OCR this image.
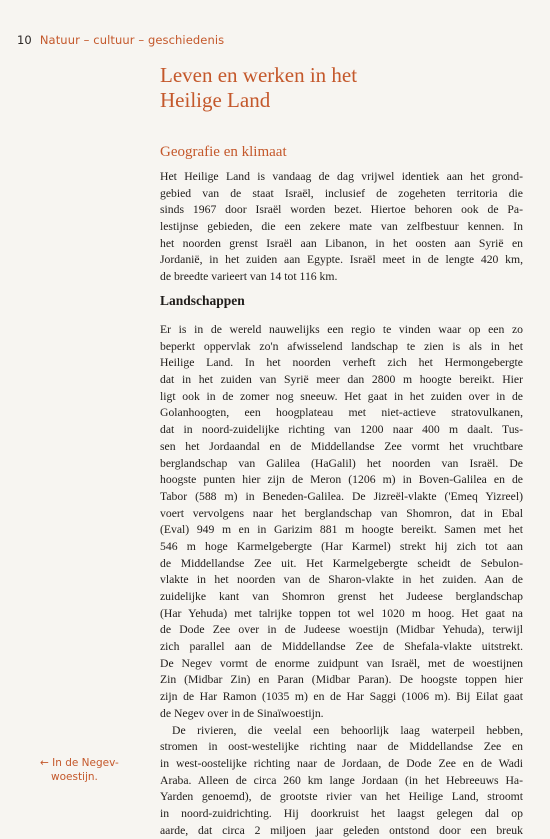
10 Natuur – cultuur – geschiedenis
Leven en werken in het
Heilige Land
Geografie en klimaat
Het Heilige Land is vandaag de dag vrijwel identiek aan het grond-
gebied van de staat Israël, inclusief de zogeheten territoria die
sinds 1967 door Israël worden bezet. Hiertoe behoren ook de Pa-
lestijnse gebieden, die een zekere mate van zelfbestuur kennen. In
het noorden grenst Israël aan Libanon, in het oosten aan Syrië en
Jordanië, in het zuiden aan Egypte. Israël meet in de lengte 420 km,
de breedte varieert van 14 tot 116 km.
Landschappen
Er is in de wereld nauwelijks een regio te vinden waar op een zo
beperkt oppervlak zo'n afwisselend landschap te zien is als in het
Heilige Land. In het noorden verheft zich het Hermongebergte
dat in het zuiden van Syrië meer dan 2800 m hoogte bereikt. Hier
ligt ook in de zomer nog sneeuw. Het gaat in het zuiden over in de
Golanhoogten, een hoogplateau met niet-actieve stratovulkanen,
dat in noord-zuidelijke richting van 1200 naar 400 m daalt. Tus-
sen het Jordaandal en de Middellandse Zee vormt het vruchtbare
berglandschap van Galilea (HaGalil) het noorden van Israël. De
hoogste punten hier zijn de Meron (1206 m) in Boven-Galilea en de
Tabor (588 m) in Beneden-Galilea. De Jizreël-vlakte ('Emeq Yizreel)
voert vervolgens naar het berglandschap van Shomron, dat in Ebal
(Eval) 949 m en in Garizim 881 m hoogte bereikt. Samen met het
546 m hoge Karmelgebergte (Har Karmel) strekt hij zich tot aan
de Middellandse Zee uit. Het Karmelgebergte scheidt de Sebulon-
vlakte in het noorden van de Sharon-vlakte in het zuiden. Aan de
zuidelijke kant van Shomron grenst het Judeese berglandschap
(Har Yehuda) met talrijke toppen tot wel 1020 m hoog. Het gaat na
de Dode Zee over in de Judeese woestijn (Midbar Yehuda), terwijl
zich parallel aan de Middellandse Zee de Shefala-vlakte uitstrekt.
De Negev vormt de enorme zuidpunt van Israël, met de woestijnen
Zin (Midbar Zin) en Paran (Midbar Paran). De hoogste toppen hier
zijn de Har Ramon (1035 m) en de Har Saggi (1006 m). Bij Eilat gaat
de Negev over in de Sinaïwoestijn.
De rivieren, die veelal een behoorlijk laag waterpeil hebben,
stromen in oost-westelijke richting naar de Middellandse Zee en
in west-oostelijke richting naar de Jordaan, de Dode Zee en de Wadi
Araba. Alleen de circa 260 km lange Jordaan (in het Hebreeuws Ha-
Yarden genoemd), de grootste rivier van het Heilige Land, stroomt
in noord-zuidrichting. Hij doorkruist het laagst gelegen dal op
aarde, dat circa 2 miljoen jaar geleden ontstond door een breuk
← In de Negev-
woestijn.
